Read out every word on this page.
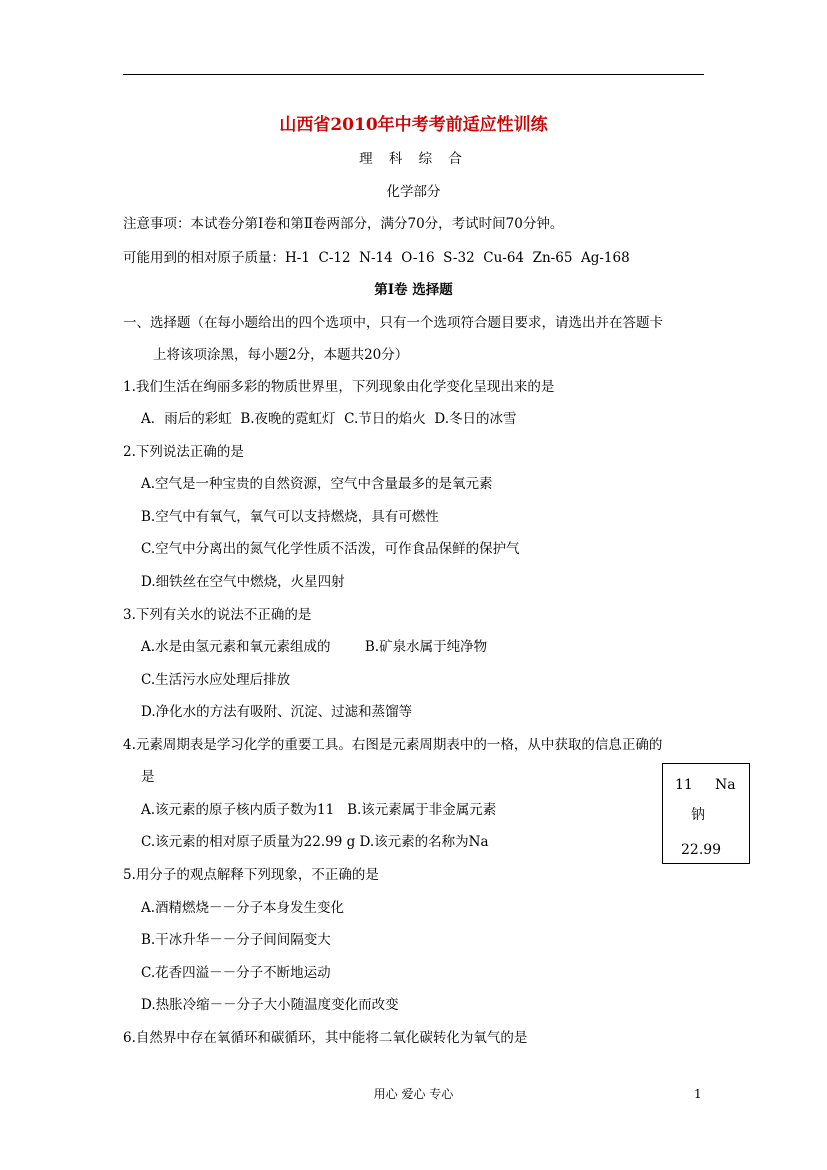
山西省2010年中考考前适应性训练
理 科 综 合
化学部分
注意事项：本试卷分第Ⅰ卷和第Ⅱ卷两部分，满分70分，考试时间70分钟。
可能用到的相对原子质量：H-1  C-12  N-14  O-16  S-32  Cu-64  Zn-65  Ag-168
第Ⅰ卷 选择题
一、选择题（在每小题给出的四个选项中，只有一个选项符合题目要求，请选出并在答题卡
上将该项涂黑，每小题2分，本题共20分）
1.我们生活在绚丽多彩的物质世界里，下列现象由化学变化呈现出来的是
A．雨后的彩虹  B.夜晚的霓虹灯  C.节日的焰火  D.冬日的冰雪
2.下列说法正确的是
A.空气是一种宝贵的自然资源，空气中含量最多的是氧元素
B.空气中有氧气，氧气可以支持燃烧，具有可燃性
C.空气中分离出的氮气化学性质不活泼，可作食品保鲜的保护气
D.细铁丝在空气中燃烧，火星四射
3.下列有关水的说法不正确的是
A.水是由氢元素和氧元素组成的        B.矿泉水属于纯净物
C.生活污水应处理后排放
D.净化水的方法有吸附、沉淀、过滤和蒸馏等
4.元素周期表是学习化学的重要工具。右图是元素周期表中的一格，从中获取的信息正确的
是
A.该元素的原子核内质子数为11   B.该元素属于非金属元素
C.该元素的相对原子质量为22.99 g D.该元素的名称为Na
11 Na
钠
22.99
5.用分子的观点解释下列现象，不正确的是
A.酒精燃烧－－分子本身发生变化
B.干冰升华－－分子间间隔变大
C.花香四溢－－分子不断地运动
D.热胀冷缩－－分子大小随温度变化而改变
6.自然界中存在氧循环和碳循环，其中能将二氧化碳转化为氧气的是
用心 爱心 专心	1
